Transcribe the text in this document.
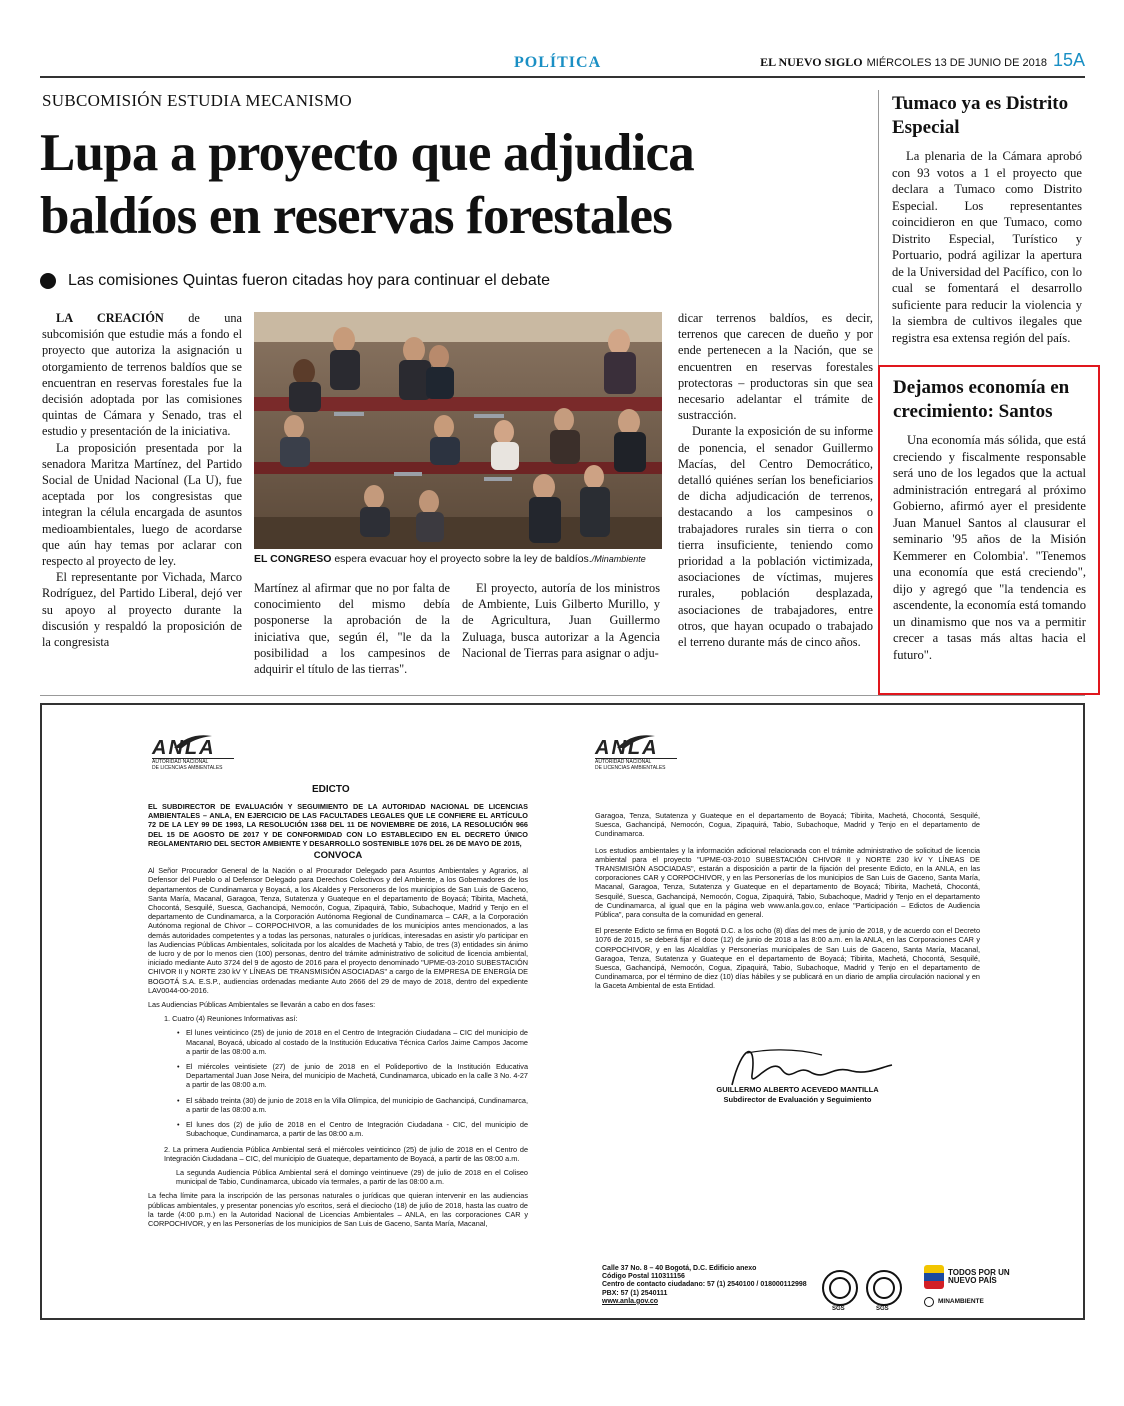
POLÍTICA	EL NUEVO SIGLO MIÉRCOLES 13 DE JUNIO DE 2018 15A
SUBCOMISIÓN ESTUDIA MECANISMO
Lupa a proyecto que adjudica
baldíos en reservas forestales
Las comisiones Quintas fueron citadas hoy para continuar el debate

LA CREACIÓN de una subcomisión que estudie más a fondo el proyecto que autoriza la asignación u otorgamiento de terrenos baldíos que se encuentran en reservas forestales fue la decisión adoptada por las comisiones quintas de Cámara y Senado, tras el estudio y presentación de la iniciativa.

La proposición presentada por la senadora Maritza Martínez, del Partido Social de Unidad Nacional (La U), fue aceptada por los congresistas que integran la célula encargada de asuntos medioambientales, luego de acordarse que aún hay temas por aclarar con respecto al proyecto de ley.

El representante por Vichada, Marco Rodríguez, del Partido Liberal, dejó ver su apoyo al proyecto durante la discusión y respaldó la proposición de la congresista

EL CONGRESO espera evacuar hoy el proyecto sobre la ley de baldíos./Minambiente

Martínez al afirmar que no por falta de conocimiento del mismo debía posponerse la aprobación de la iniciativa que, según él, "le da la posibilidad a los campesinos de adquirir el título de las tierras".

El proyecto, autoría de los ministros de Ambiente, Luis Gilberto Murillo, y de Agricultura, Juan Guillermo Zuluaga, busca autorizar a la Agencia Nacional de Tierras para asignar o adju-

dicar terrenos baldíos, es decir, terrenos que carecen de dueño y por ende pertenecen a la Nación, que se encuentren en reservas forestales protectoras – productoras sin que sea necesario adelantar el trámite de sustracción.

Durante la exposición de su informe de ponencia, el senador Guillermo Macías, del Centro Democrático, detalló quiénes serían los beneficiarios de dicha adjudicación de terrenos, destacando a los campesinos o trabajadores rurales sin tierra o con tierra insuficiente, teniendo como prioridad a la población victimizada, asociaciones de víctimas, mujeres rurales, población desplazada, asociaciones de trabajadores, entre otros, que hayan ocupado o trabajado el terreno durante más de cinco años.

Tumaco ya es Distrito Especial

La plenaria de la Cámara aprobó con 93 votos a 1 el proyecto que declara a Tumaco como Distrito Especial. Los representantes coincidieron en que Tumaco, como Distrito Especial, Turístico y Portuario, podrá agilizar la apertura de la Universidad del Pacífico, con lo cual se fomentará el desarrollo suficiente para reducir la violencia y la siembra de cultivos ilegales que registra esa extensa región del país.

Dejamos economía en crecimiento: Santos

Una economía más sólida, que está creciendo y fiscalmente responsable será uno de los legados que la actual administración entregará al próximo Gobierno, afirmó ayer el presidente Juan Manuel Santos al clausurar el seminario '95 años de la Misión Kemmerer en Colombia'. "Tenemos una economía que está creciendo", dijo y agregó que "la tendencia es ascendente, la economía está tomando un dinamismo que nos va a permitir crecer a tasas más altas hacia el futuro".

ANLA
AUTORIDAD NACIONAL
DE LICENCIAS AMBIENTALES
ANLA
AUTORIDAD NACIONAL
DE LICENCIAS AMBIENTALES
EDICTO
EL SUBDIRECTOR DE EVALUACIÓN Y SEGUIMIENTO DE LA AUTORIDAD NACIONAL DE LICENCIAS AMBIENTALES – ANLA, EN EJERCICIO DE LAS FACULTADES LEGALES QUE LE CONFIERE EL ARTÍCULO 72 DE LA LEY 99 DE 1993, LA RESOLUCIÓN 1368 DEL 11 DE NOVIEMBRE DE 2016, LA RESOLUCIÓN 966 DEL 15 DE AGOSTO DE 2017 Y DE CONFORMIDAD CON LO ESTABLECIDO EN EL DECRETO ÚNICO REGLAMENTARIO DEL SECTOR AMBIENTE Y DESARROLLO SOSTENIBLE 1076 DEL 26 DE MAYO DE 2015,
CONVOCA
Al Señor Procurador General de la Nación o al Procurador Delegado para Asuntos Ambientales y Agrarios, al Defensor del Pueblo o al Defensor Delegado para Derechos Colectivos y del Ambiente, a los Gobernadores de los departamentos de Cundinamarca y Boyacá, a los Alcaldes y Personeros de los municipios de San Luis de Gaceno, Santa María, Macanal, Garagoa, Tenza, Sutatenza y Guateque en el departamento de Boyacá; Tibirita, Machetá, Chocontá, Sesquilé, Suesca, Gachancipá, Nemocón, Cogua, Zipaquirá, Tabio, Subachoque, Madrid y Tenjo en el departamento de Cundinamarca, a la Corporación Autónoma Regional de Cundinamarca – CAR, a la Corporación Autónoma regional de Chivor – CORPOCHIVOR, a las comunidades de los municipios antes mencionados, a las demás autoridades competentes y a todas las personas, naturales o jurídicas, interesadas en asistir y/o participar en las Audiencias Públicas Ambientales, solicitada por los alcaldes de Machetá y Tabio, de tres (3) entidades sin ánimo de lucro y de por lo menos cien (100) personas, dentro del trámite administrativo de solicitud de licencia ambiental, iniciado mediante Auto 3724 del 9 de agosto de 2016 para el proyecto denominado "UPME-03-2010 SUBESTACIÓN CHIVOR II y NORTE 230 kV Y LÍNEAS DE TRANSMISIÓN ASOCIADAS" a cargo de la EMPRESA DE ENERGÍA DE BOGOTÁ S.A. E.S.P., audiencias ordenadas mediante Auto 2666 del 29 de mayo de 2018, dentro del expediente LAV0044-00-2016.
Las Audiencias Públicas Ambientales se llevarán a cabo en dos fases:
1. Cuatro (4) Reuniones Informativas así:
• El lunes veinticinco (25) de junio de 2018 en el Centro de Integración Ciudadana – CIC del municipio de Macanal, Boyacá, ubicado al costado de la Institución Educativa Técnica Carlos Jaime Campos Jacome a partir de las 08:00 a.m.
• El miércoles veintisiete (27) de junio de 2018 en el Polideportivo de la Institución Educativa Departamental Juan Jose Neira, del municipio de Machetá, Cundinamarca, ubicado en la calle 3 No. 4-27 a partir de las 08:00 a.m.
• El sábado treinta (30) de junio de 2018 en la Villa Olímpica, del municipio de Gachancipá, Cundinamarca, a partir de las 08:00 a.m.
• El lunes dos (2) de julio de 2018 en el Centro de Integración Ciudadana - CIC, del municipio de Subachoque, Cundinamarca, a partir de las 08:00 a.m.
2. La primera Audiencia Pública Ambiental será el miércoles veinticinco (25) de julio de 2018 en el Centro de Integración Ciudadana – CIC, del municipio de Guateque, departamento de Boyacá, a partir de las 08:00 a.m.
La segunda Audiencia Pública Ambiental será el domingo veintinueve (29) de julio de 2018 en el Coliseo municipal de Tabio, Cundinamarca, ubicado vía termales, a partir de las 08:00 a.m.
La fecha límite para la inscripción de las personas naturales o jurídicas que quieran intervenir en las audiencias públicas ambientales, y presentar ponencias y/o escritos, será el dieciocho (18) de julio de 2018, hasta las cuatro de la tarde (4:00 p.m.) en la Autoridad Nacional de Licencias Ambientales – ANLA, en las corporaciones CAR y CORPOCHIVOR, y en las Personerías de los municipios de San Luis de Gaceno, Santa María, Macanal,
Garagoa, Tenza, Sutatenza y Guateque en el departamento de Boyacá; Tibirita, Machetá, Chocontá, Sesquilé, Suesca, Gachancipá, Nemocón, Cogua, Zipaquirá, Tabio, Subachoque, Madrid y Tenjo en el departamento de Cundinamarca.
Los estudios ambientales y la información adicional relacionada con el trámite administrativo de solicitud de licencia ambiental para el proyecto "UPME-03-2010 SUBESTACIÓN CHIVOR II y NORTE 230 kV Y LÍNEAS DE TRANSMISIÓN ASOCIADAS", estarán a disposición a partir de la fijación del presente Edicto, en la ANLA, en las corporaciones CAR y CORPOCHIVOR, y en las Personerías de los municipios de San Luis de Gaceno, Santa María, Macanal, Garagoa, Tenza, Sutatenza y Guateque en el departamento de Boyacá; Tibirita, Machetá, Chocontá, Sesquilé, Suesca, Gachancipá, Nemocón, Cogua, Zipaquirá, Tabio, Subachoque, Madrid y Tenjo en el departamento de Cundinamarca, al igual que en la página web www.anla.gov.co, enlace "Participación – Edictos de Audiencia Pública", para consulta de la comunidad en general.
El presente Edicto se firma en Bogotá D.C. a los ocho (8) días del mes de junio de 2018, y de acuerdo con el Decreto 1076 de 2015, se deberá fijar el doce (12) de junio de 2018 a las 8:00 a.m. en la ANLA, en las Corporaciones CAR y CORPOCHIVOR, y en las Alcaldías y Personerías municipales de San Luis de Gaceno, Santa María, Macanal, Garagoa, Tenza, Sutatenza y Guateque en el departamento de Boyacá; Tibirita, Machetá, Chocontá, Sesquilé, Suesca, Gachancipá, Nemocón, Cogua, Zipaquirá, Tabio, Subachoque, Madrid y Tenjo en el departamento de Cundinamarca, por el término de diez (10) días hábiles y se publicará en un diario de amplia circulación nacional y en la Gaceta Ambiental de esta Entidad.
GUILLERMO ALBERTO ACEVEDO MANTILLA
Subdirector de Evaluación y Seguimiento
Calle 37 No. 8 – 40 Bogotá, D.C. Edificio anexo
Código Postal 110311156
Centro de contacto ciudadano: 57 (1) 2540100 / 018000112998
PBX: 57 (1) 2540111
www.anla.gov.co
SGS	SGS
TODOS POR UN
NUEVO PAÍS
MINAMBIENTE
